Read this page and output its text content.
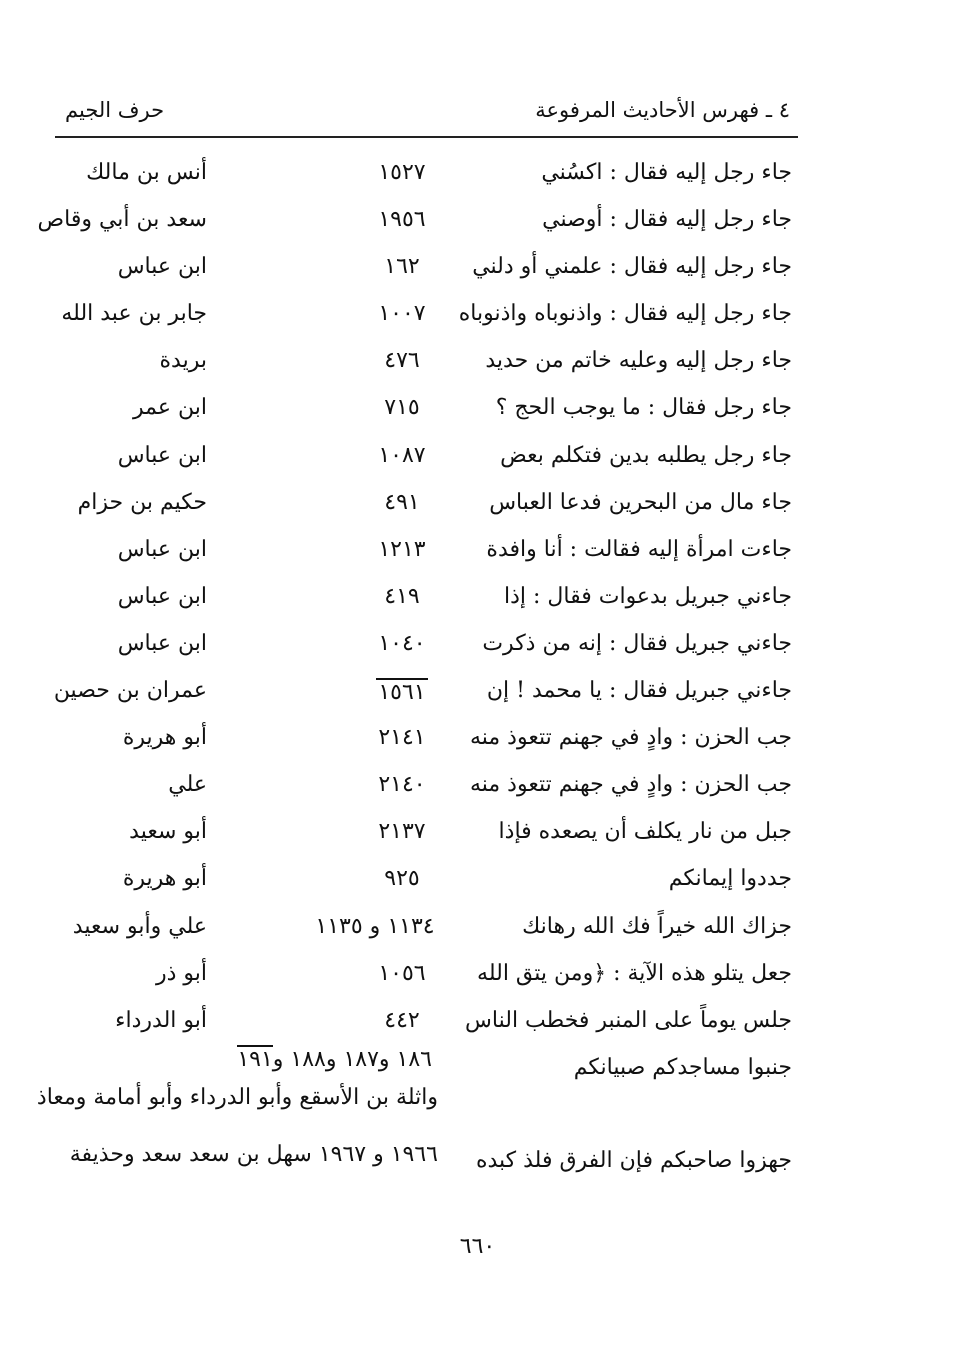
٤ ـ فهرس الأحاديث المرفوعة
حرف الجيم
جاء رجل إليه فقال : اكسُني
١٥٢٧
أنس بن مالك
جاء رجل إليه فقال : أوصني
١٩٥٦
سعد بن أبي وقاص
جاء رجل إليه فقال : علمني أو دلني
١٦٢
ابن عباس
جاء رجل إليه فقال : واذنوباه واذنوباه
١٠٠٧
جابر بن عبد الله
جاء رجل إليه وعليه خاتم من حديد
٤٧٦
بريدة
جاء رجل فقال : ما يوجب الحج ؟
٧١٥
ابن عمر
جاء رجل يطلبه بدين فتكلم بعض
١٠٨٧
ابن عباس
جاء مال من البحرين فدعا العباس
٤٩١
حكيم بن حزام
جاءت امرأة إليه فقالت : أنا وافدة
١٢١٣
ابن عباس
جاءني جبريل بدعوات فقال : إذا
٤١٩
ابن عباس
جاءني جبريل فقال : إنه من ذكرت
١٠٤٠
ابن عباس
جاءني جبريل فقال : يا محمد ! إن
١٥٦١
عمران بن حصين
جب الحزن : وادٍ في جهنم تتعوذ منه
٢١٤١
أبو هريرة
جب الحزن : وادٍ في جهنم تتعوذ منه
٢١٤٠
علي
جبل من نار يكلف أن يصعده فإذا
٢١٣٧
أبو سعيد
جددوا إيمانكم
٩٢٥
أبو هريرة
جزاك الله خيراً فك الله رهانك
١١٣٤ و ١١٣٥
علي وأبو سعيد
جعل يتلو هذه الآية : ﴿ومن يتق الله
١٠٥٦
أبو ذر
جلس يوماً على المنبر فخطب الناس
٤٤٢
أبو الدرداء
جنبوا مساجدكم صبيانكم
١٨٦ و١٨٧ و١٨٨ و١٩١
واثلة بن الأسقع وأبو الدرداء وأبو أمامة ومعاذ
جهزوا صاحبكم فإن الفرق فلذ كبده
١٩٦٦ و ١٩٦٧ سهل بن سعد سعد وحذيفة
٦٦٠
